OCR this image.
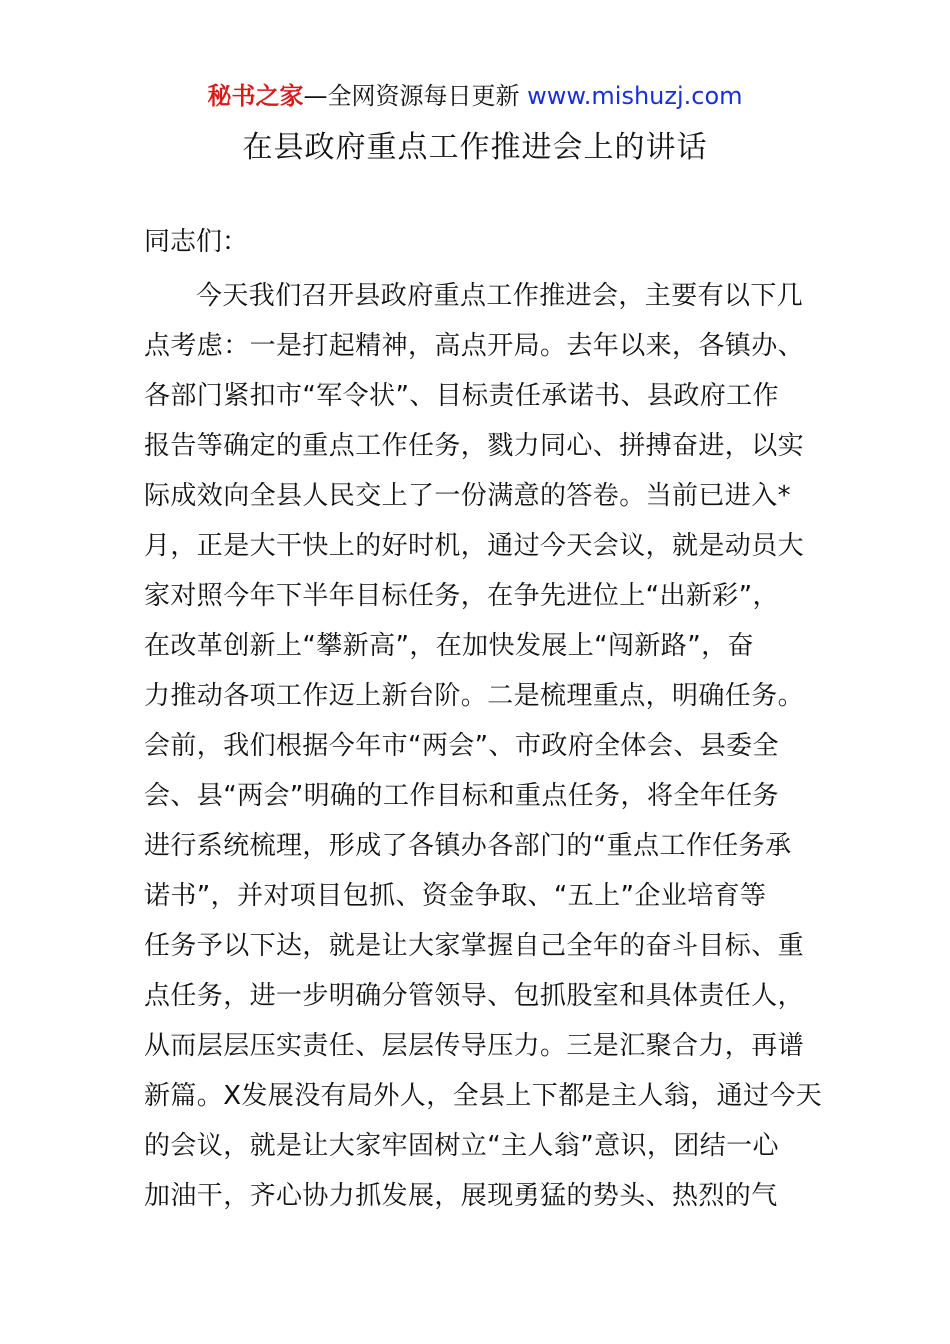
秘书之家—全网资源每日更新 www.mishuzj.com
在县政府重点工作推进会上的讲话
同志们：
今天我们召开县政府重点工作推进会，主要有以下几
点考虑：一是打起精神，高点开局。去年以来，各镇办、
各部门紧扣市“军令状”、目标责任承诺书、县政府工作
报告等确定的重点工作任务，戮力同心、拼搏奋进，以实
际成效向全县人民交上了一份满意的答卷。当前已进入*
月，正是大干快上的好时机，通过今天会议，就是动员大
家对照今年下半年目标任务，在争先进位上“出新彩”，
在改革创新上“攀新高”，在加快发展上“闯新路”，奋
力推动各项工作迈上新台阶。二是梳理重点，明确任务。
会前，我们根据今年市“两会”、市政府全体会、县委全
会、县“两会”明确的工作目标和重点任务，将全年任务
进行系统梳理，形成了各镇办各部门的“重点工作任务承
诺书”，并对项目包抓、资金争取、“五上”企业培育等
任务予以下达，就是让大家掌握自己全年的奋斗目标、重
点任务，进一步明确分管领导、包抓股室和具体责任人，
从而层层压实责任、层层传导压力。三是汇聚合力，再谱
新篇。X发展没有局外人，全县上下都是主人翁，通过今天
的会议，就是让大家牢固树立“主人翁”意识，团结一心
加油干，齐心协力抓发展，展现勇猛的势头、热烈的气
